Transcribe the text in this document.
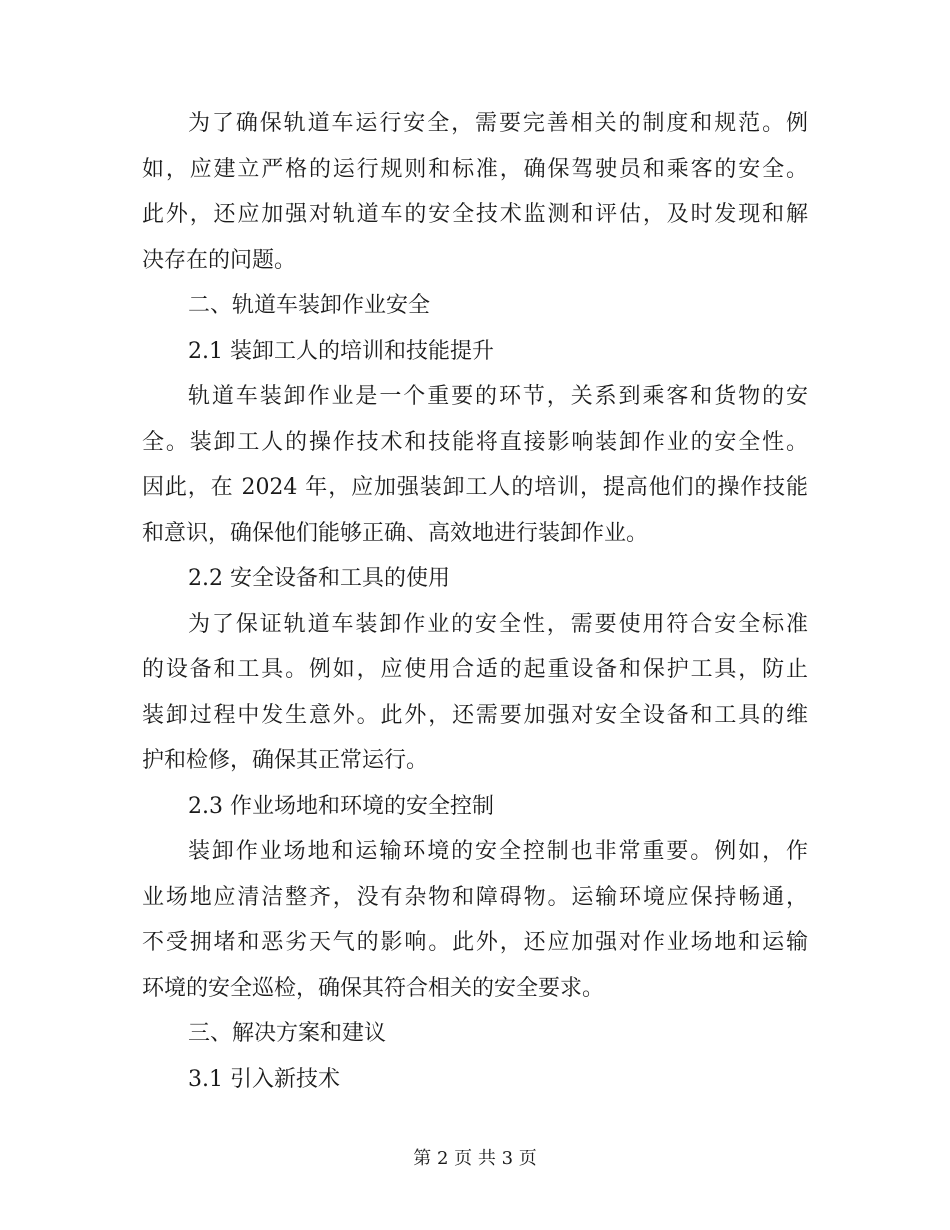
为了确保轨道车运行安全，需要完善相关的制度和规范。例
如，应建立严格的运行规则和标准，确保驾驶员和乘客的安全。
此外，还应加强对轨道车的安全技术监测和评估，及时发现和解
决存在的问题。
二、轨道车装卸作业安全
2.1 装卸工人的培训和技能提升
轨道车装卸作业是一个重要的环节，关系到乘客和货物的安
全。装卸工人的操作技术和技能将直接影响装卸作业的安全性。
因此，在 2024 年，应加强装卸工人的培训，提高他们的操作技能
和意识，确保他们能够正确、高效地进行装卸作业。
2.2 安全设备和工具的使用
为了保证轨道车装卸作业的安全性，需要使用符合安全标准
的设备和工具。例如，应使用合适的起重设备和保护工具，防止
装卸过程中发生意外。此外，还需要加强对安全设备和工具的维
护和检修，确保其正常运行。
2.3 作业场地和环境的安全控制
装卸作业场地和运输环境的安全控制也非常重要。例如，作
业场地应清洁整齐，没有杂物和障碍物。运输环境应保持畅通，
不受拥堵和恶劣天气的影响。此外，还应加强对作业场地和运输
环境的安全巡检，确保其符合相关的安全要求。
三、解决方案和建议
3.1 引入新技术
第 2 页 共 3 页
